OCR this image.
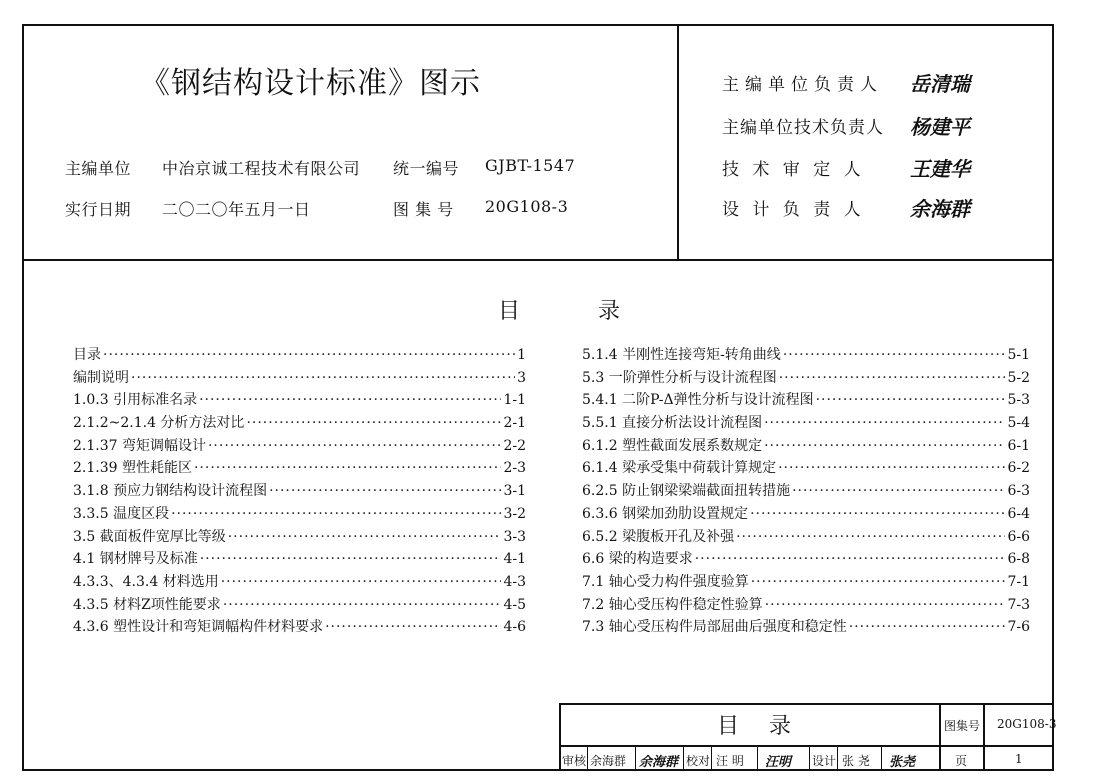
《钢结构设计标准》图示
主编单位 中冶京诚工程技术有限公司 统一编号 GJBT-1547
实行日期 二〇二〇年五月一日	图 集 号 20G108-3
主编单位负责人	岳清瑞
主编单位技术负责人	杨建平
技 术 审 定 人	王建华
设 计 负 责 人	余海群
目	录
目录 ·····	1
编制说明 ·····	3
1.0.3 引用标准名录 ·····	1-1
2.1.2~2.1.4 分析方法对比 ·····	2-1
2.1.37 弯矩调幅设计 ·····	2-2
2.1.39 塑性耗能区 ·····	2-3
3.1.8 预应力钢结构设计流程图 ·····	3-1
3.3.5 温度区段 ·····	3-2
3.5 截面板件宽厚比等级 ·····	3-3
4.1 钢材牌号及标准 ·····	4-1
4.3.3、4.3.4 材料选用 ·····	4-3
4.3.5 材料Z项性能要求 ·····	4-5
4.3.6 塑性设计和弯矩调幅构件材料要求 ·····	4-6
5.1.4 半刚性连接弯矩-转角曲线 ·····	5-1
5.3 一阶弹性分析与设计流程图 ·····	5-2
5.4.1 二阶P-Δ弹性分析与设计流程图 ·····	5-3
5.5.1 直接分析法设计流程图 ·····	5-4
6.1.2 塑性截面发展系数规定 ·····	6-1
6.1.4 梁承受集中荷载计算规定 ·····	6-2
6.2.5 防止钢梁梁端截面扭转措施 ·····	6-3
6.3.6 钢梁加劲肋设置规定 ·····	6-4
6.5.2 梁腹板开孔及补强 ·····	6-6
6.6 梁的构造要求 ·····	6-8
7.1 轴心受力构件强度验算 ·····	7-1
7.2 轴心受压构件稳定性验算 ·····	7-3
7.3 轴心受压构件局部屈曲后强度和稳定性 ·····	7-6
目 录	图集号 20G108-3
页	1
审核 余海群 余海群 校对 汪 明 汪明 设计 张 尧 张尧
